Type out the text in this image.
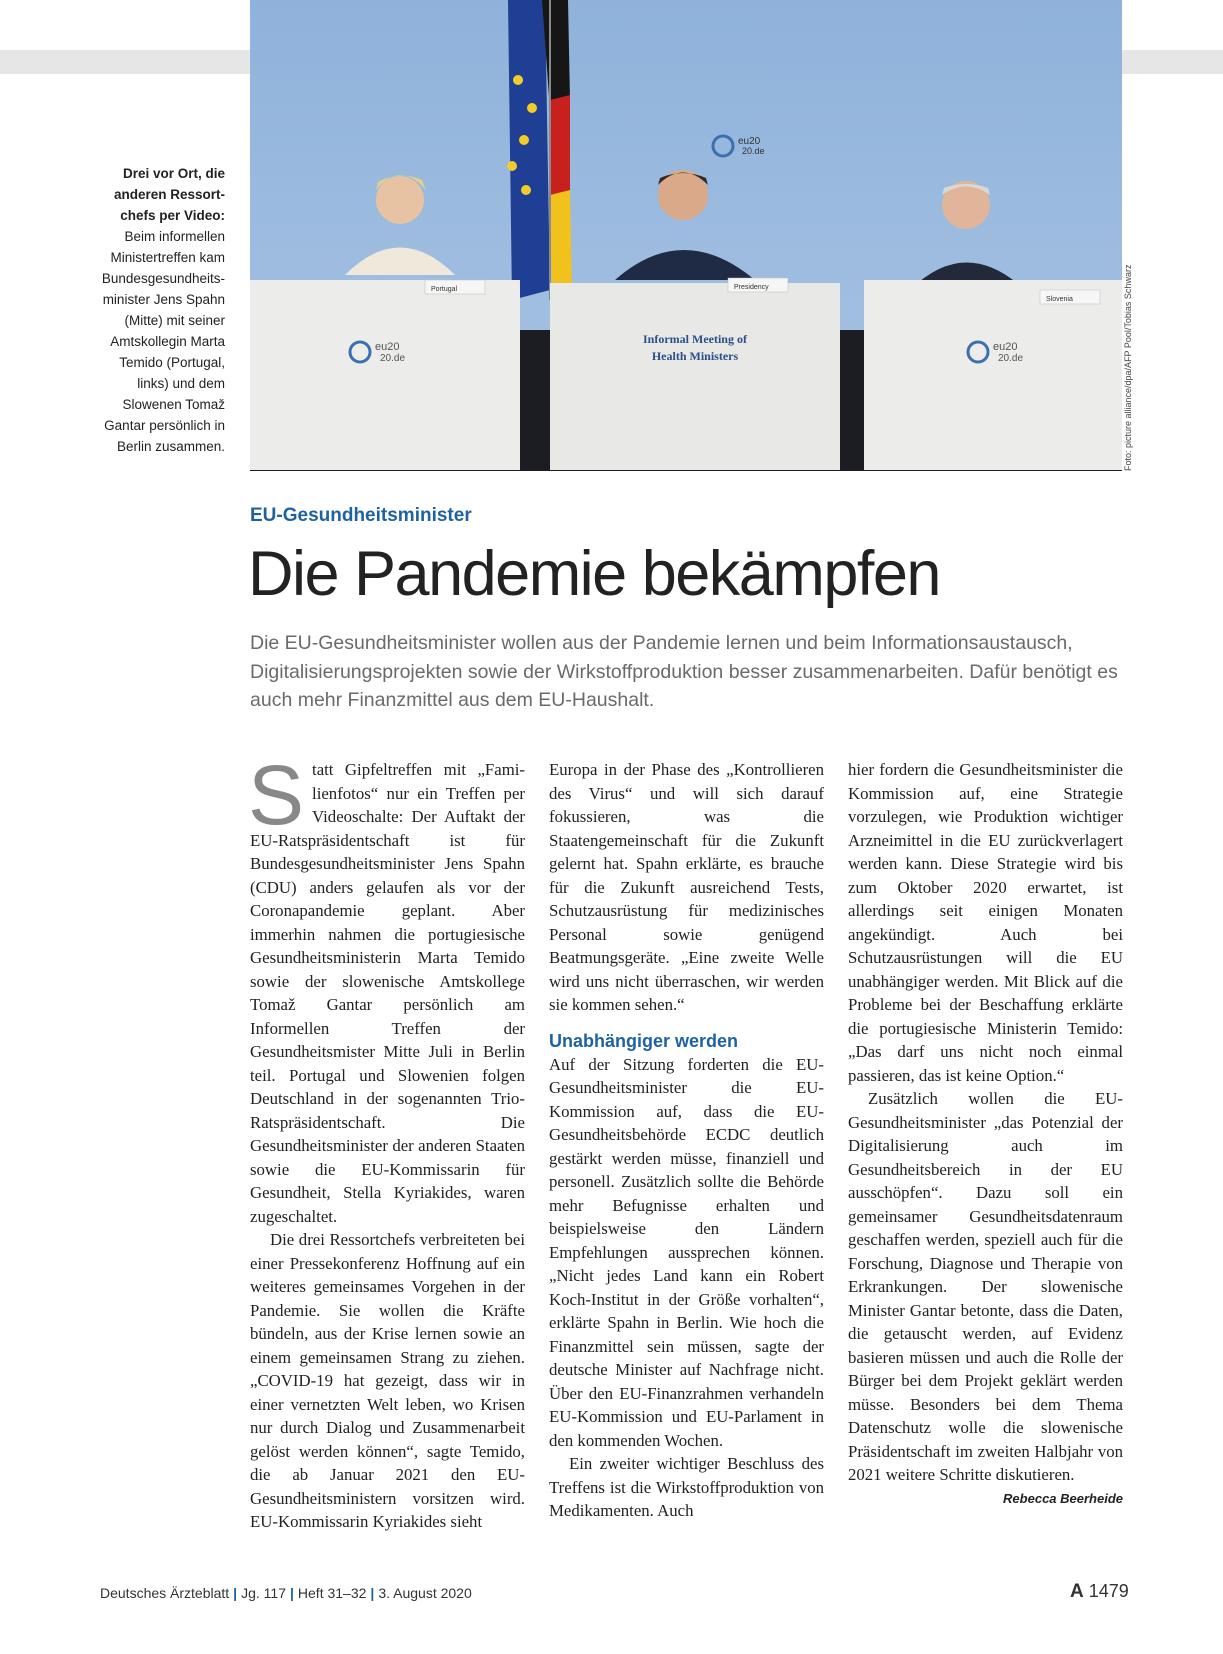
Drei vor Ort, die anderen Ressort-chefs per Video: Beim informellen Ministertreffen kam Bundesgesundheits-minister Jens Spahn (Mitte) mit seiner Amtskollegin Marta Temido (Portugal, links) und dem Slowenen Tomaž Gantar persönlich in Berlin zusammen.
eu20
20.de
Portugal	Presidency
Slovenia
eu20
20.de
Informal Meeting of
Health Ministers
eu20
20.de	Foto: picture alliance/dpa/AFP Pool/Tobias Schwarz
EU-Gesundheitsminister
Die Pandemie bekämpfen

Die EU-Gesundheitsminister wollen aus der Pandemie lernen und beim Informationsaustausch, Digitalisierungsprojekten sowie der Wirkstoffproduktion besser zusammenarbeiten. Dafür benötigt es auch mehr Finanzmittel aus dem EU-Haushalt.

Statt Gipfeltreffen mit „Fami-lienfotos“ nur ein Treffen per Videoschalte: Der Auftakt der EU-Ratspräsidentschaft ist für Bundesgesundheitsminister Jens Spahn (CDU) anders gelaufen als vor der Coronapandemie geplant. Aber immerhin nahmen die portugiesische Gesundheitsministerin Marta Temido sowie der slowenische Amtskollege Tomaž Gantar persönlich am Informellen Treffen der Gesundheitsmister Mitte Juli in Berlin teil. Portugal und Slowenien folgen Deutschland in der sogenannten Trio-Ratspräsidentschaft. Die Gesundheitsminister der anderen Staaten sowie die EU-Kommissarin für Gesundheit, Stella Kyriakides, waren zugeschaltet.

Die drei Ressortchefs verbreiteten bei einer Pressekonferenz Hoffnung auf ein weiteres gemeinsames Vorgehen in der Pandemie. Sie wollen die Kräfte bündeln, aus der Krise lernen sowie an einem gemeinsamen Strang zu ziehen. „COVID-19 hat gezeigt, dass wir in einer vernetzten Welt leben, wo Krisen nur durch Dialog und Zusammenarbeit gelöst werden können“, sagte Temido, die ab Januar 2021 den EU-Gesundheitsministern vorsitzen wird. EU-Kommissarin Kyriakides sieht

Europa in der Phase des „Kontrollieren des Virus“ und will sich darauf fokussieren, was die Staatengemeinschaft für die Zukunft gelernt hat. Spahn erklärte, es brauche für die Zukunft ausreichend Tests, Schutzausrüstung für medizinisches Personal sowie genügend Beatmungsgeräte. „Eine zweite Welle wird uns nicht überraschen, wir werden sie kommen sehen.“

Unabhängiger werden

Auf der Sitzung forderten die EU-Gesundheitsminister die EU-Kommission auf, dass die EU-Gesundheitsbehörde ECDC deutlich gestärkt werden müsse, finanziell und personell. Zusätzlich sollte die Behörde mehr Befugnisse erhalten und beispielsweise den Ländern Empfehlungen aussprechen können. „Nicht jedes Land kann ein Robert Koch-Institut in der Größe vorhalten“, erklärte Spahn in Berlin. Wie hoch die Finanzmittel sein müssen, sagte der deutsche Minister auf Nachfrage nicht. Über den EU-Finanzrahmen verhandeln EU-Kommission und EU-Parlament in den kommenden Wochen.

Ein zweiter wichtiger Beschluss des Treffens ist die Wirkstoffproduktion von Medikamenten. Auch

hier fordern die Gesundheitsminister die Kommission auf, eine Strategie vorzulegen, wie Produktion wichtiger Arzneimittel in die EU zurückverlagert werden kann. Diese Strategie wird bis zum Oktober 2020 erwartet, ist allerdings seit einigen Monaten angekündigt. Auch bei Schutzausrüstungen will die EU unabhängiger werden. Mit Blick auf die Probleme bei der Beschaffung erklärte die portugiesische Ministerin Temido: „Das darf uns nicht noch einmal passieren, das ist keine Option.“

Zusätzlich wollen die EU-Gesundheitsminister „das Potenzial der Digitalisierung auch im Gesundheitsbereich in der EU ausschöpfen“. Dazu soll ein gemeinsamer Gesundheitsdatenraum geschaffen werden, speziell auch für die Forschung, Diagnose und Therapie von Erkrankungen. Der slowenische Minister Gantar betonte, dass die Daten, die getauscht werden, auf Evidenz basieren müssen und auch die Rolle der Bürger bei dem Projekt geklärt werden müsse. Besonders bei dem Thema Datenschutz wolle die slowenische Präsidentschaft im zweiten Halbjahr von 2021 weitere Schritte diskutieren.
Rebecca Beerheide

Deutsches Ärzteblatt | Jg. 117 | Heft 31–32 | 3. August 2020	A 1479
